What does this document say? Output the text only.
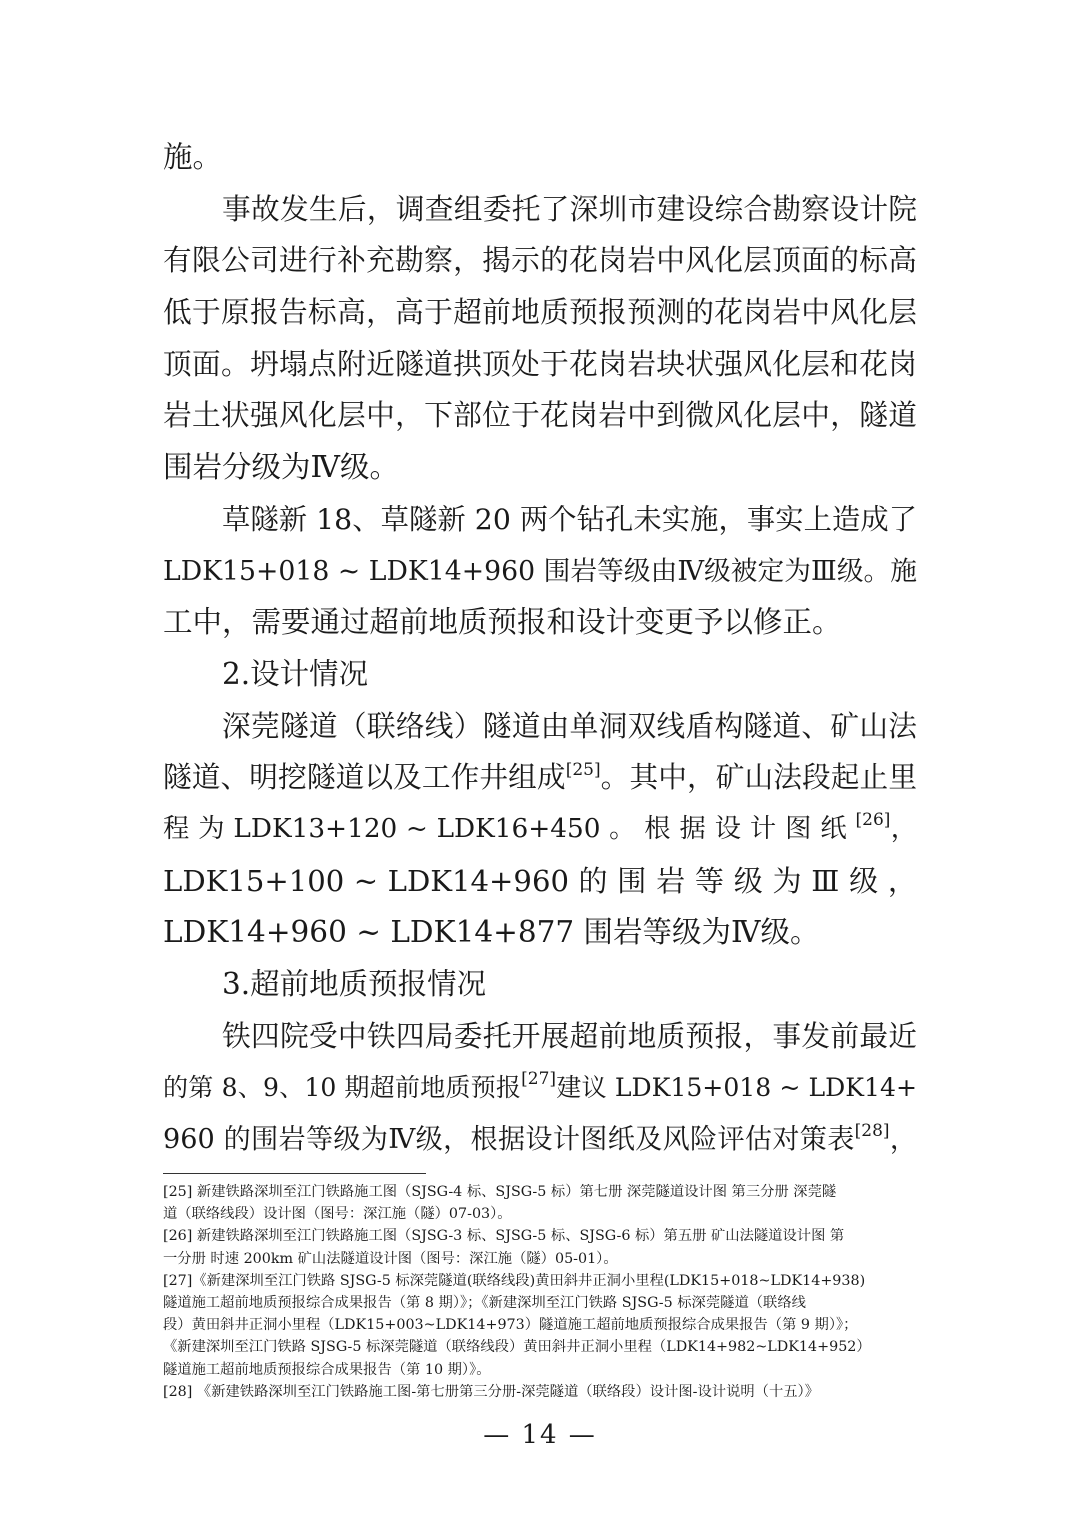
施。
事故发生后，调查组委托了深圳市建设综合勘察设计院
有限公司进行补充勘察，揭示的花岗岩中风化层顶面的标高
低于原报告标高，高于超前地质预报预测的花岗岩中风化层
顶面。坍塌点附近隧道拱顶处于花岗岩块状强风化层和花岗
岩土状强风化层中，下部位于花岗岩中到微风化层中，隧道
围岩分级为Ⅳ级。
草隧新 18、草隧新 20 两个钻孔未实施，事实上造成了
LDK15+018 ~ LDK14+960 围岩等级由Ⅳ级被定为Ⅲ级。施
工中，需要通过超前地质预报和设计变更予以修正。
2.设计情况
深莞隧道（联络线）隧道由单洞双线盾构隧道、矿山法
隧道、明挖隧道以及工作井组成[25]。其中，矿山法段起止里
程 为 LDK13+120 ~ LDK16+450 。 根 据 设 计 图 纸 [26]，
LDK15+100 ~ LDK14+960 的 围 岩 等 级 为 Ⅲ 级 ，
LDK14+960 ~ LDK14+877 围岩等级为Ⅳ级。
3.超前地质预报情况
铁四院受中铁四局委托开展超前地质预报，事发前最近
的第 8、9、10 期超前地质预报[27]建议 LDK15+018 ~ LDK14+
960 的围岩等级为Ⅳ级，根据设计图纸及风险评估对策表[28]，
[25] 新建铁路深圳至江门铁路施工图（SJSG-4 标、SJSG-5 标）第七册 深莞隧道设计图 第三分册 深莞隧
道（联络线段）设计图（图号：深江施（隧）07-03）。
[26] 新建铁路深圳至江门铁路施工图（SJSG-3 标、SJSG-5 标、SJSG-6 标）第五册 矿山法隧道设计图 第
一分册 时速 200km 矿山法隧道设计图（图号：深江施（隧）05-01）。
[27]《新建深圳至江门铁路 SJSG-5 标深莞隧道(联络线段)黄田斜井正洞小里程(LDK15+018~LDK14+938)
隧道施工超前地质预报综合成果报告（第 8 期）》；《新建深圳至江门铁路 SJSG-5 标深莞隧道（联络线
段）黄田斜井正洞小里程（LDK15+003~LDK14+973）隧道施工超前地质预报综合成果报告（第 9 期）》；
《新建深圳至江门铁路 SJSG-5 标深莞隧道（联络线段）黄田斜井正洞小里程（LDK14+982~LDK14+952）
隧道施工超前地质预报综合成果报告（第 10 期）》。
[28] 《新建铁路深圳至江门铁路施工图-第七册第三分册-深莞隧道（联络段）设计图-设计说明（十五）》
— 14 —
